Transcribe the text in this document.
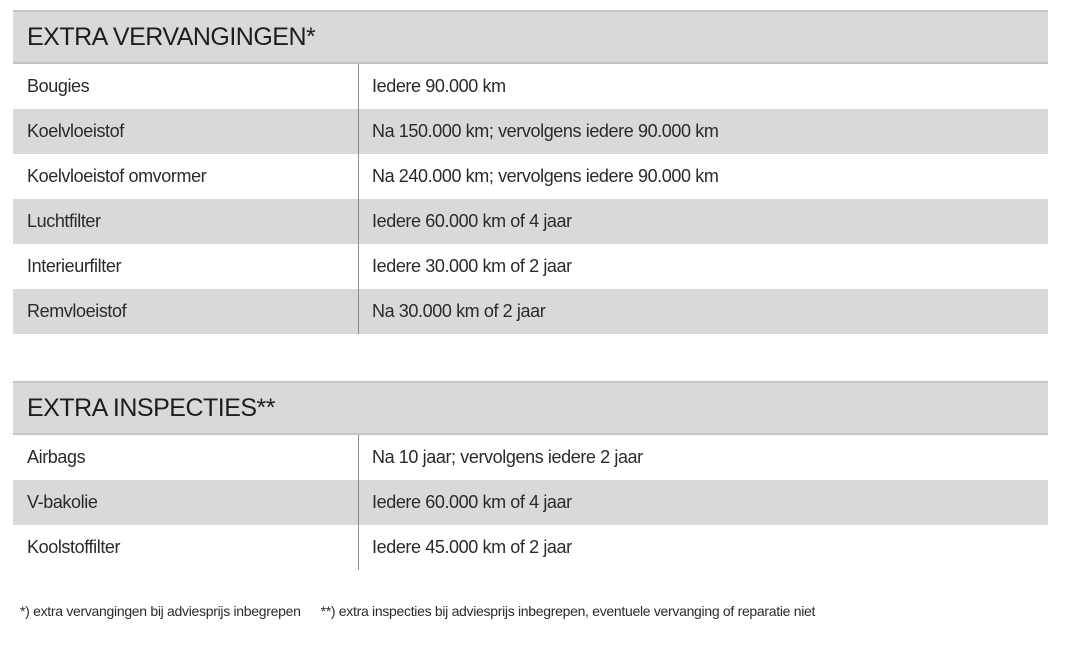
EXTRA VERVANGINGEN*
Bougies	Iedere 90.000 km
Koelvloeistof	Na 150.000 km; vervolgens iedere 90.000 km
Koelvloeistof omvormer	Na 240.000 km; vervolgens iedere 90.000 km
Luchtfilter	Iedere 60.000 km of 4 jaar
Interieurfilter	Iedere 30.000 km of 2 jaar
Remvloeistof	Na 30.000 km of 2 jaar
EXTRA INSPECTIES**
Airbags	Na 10 jaar; vervolgens iedere 2 jaar
V-bakolie	Iedere 60.000 km of 4 jaar
Koolstoffilter	Iedere 45.000 km of 2 jaar
*) extra vervangingen bij adviesprijs inbegrepen **) extra inspecties bij adviesprijs inbegrepen, eventuele vervanging of reparatie niet
